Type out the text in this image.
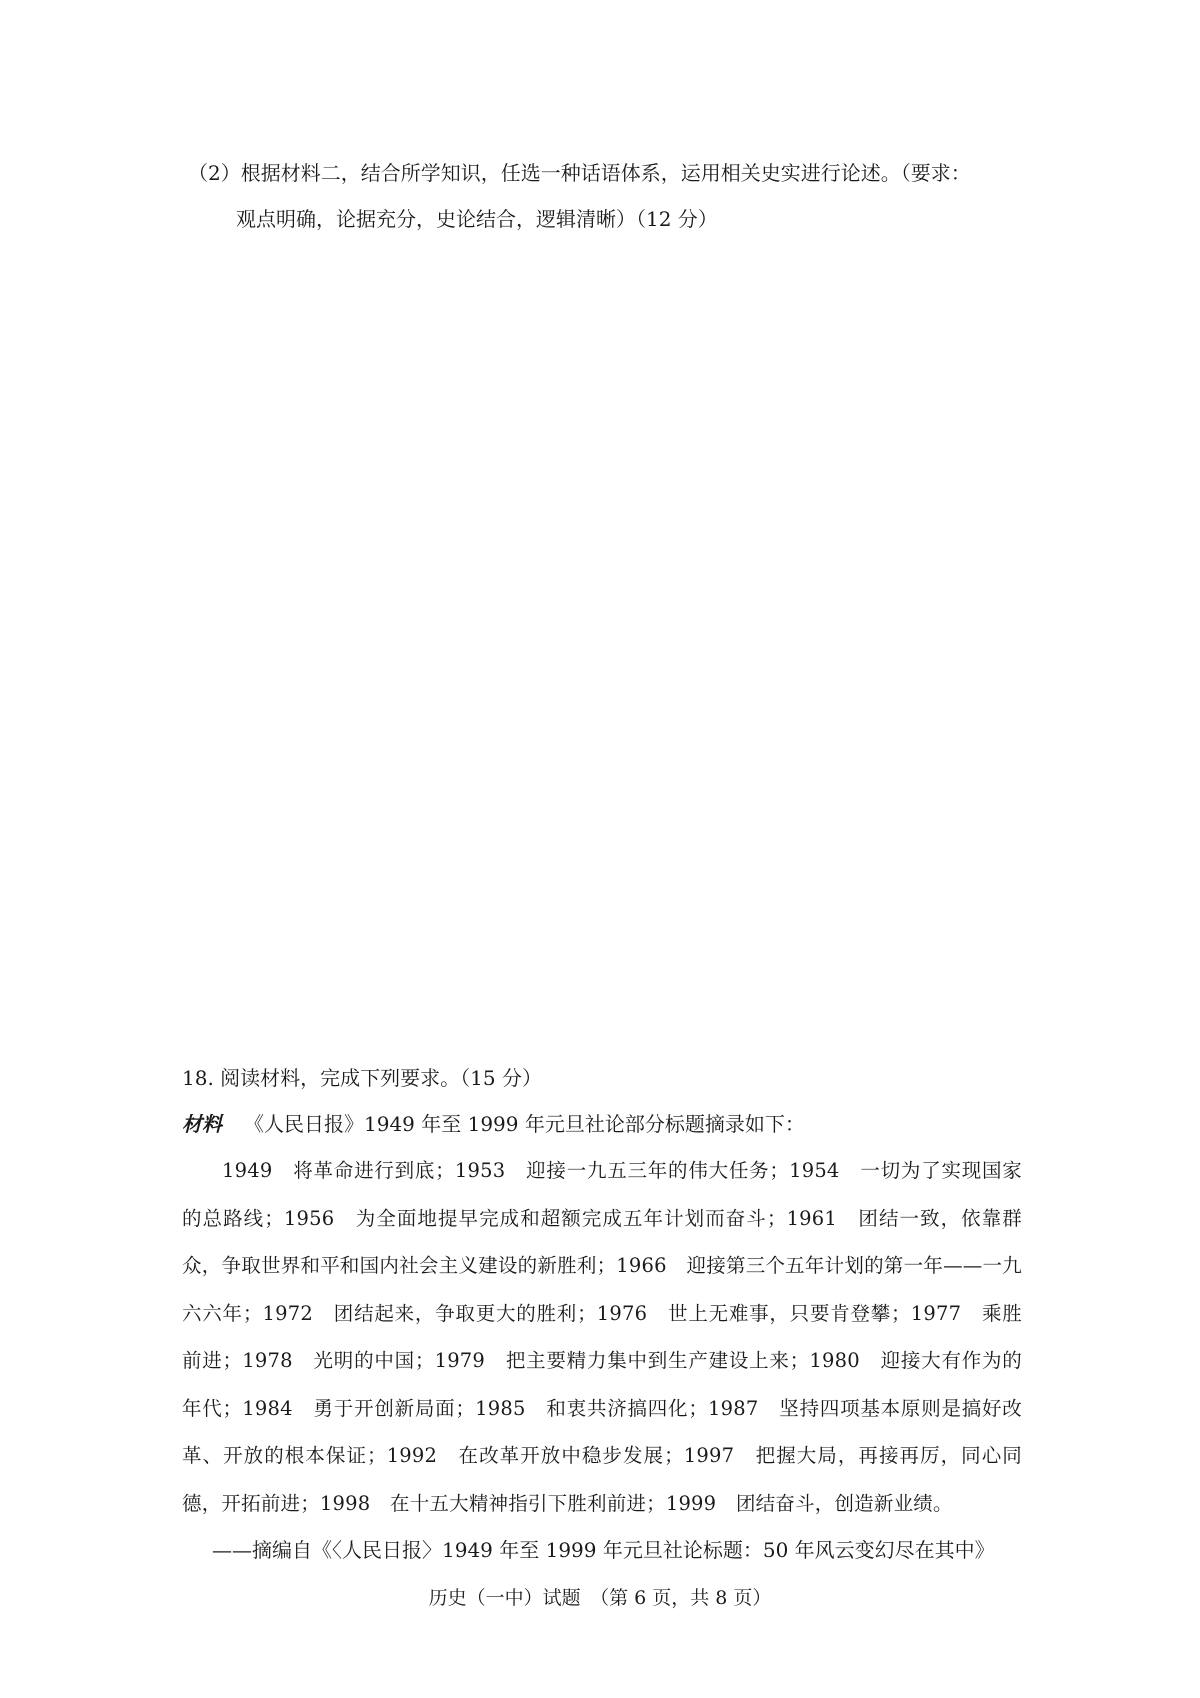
（2）根据材料二，结合所学知识，任选一种话语体系，运用相关史实进行论述。（要求：
观点明确，论据充分，史论结合，逻辑清晰）（12 分）
18. 阅读材料，完成下列要求。（15 分）
材料 《人民日报》1949 年至 1999 年元旦社论部分标题摘录如下：
1949　将革命进行到底；1953　迎接一九五三年的伟大任务；1954　一切为了实现国家的总路线；1956　为全面地提早完成和超额完成五年计划而奋斗；1961　团结一致，依靠群众，争取世界和平和国内社会主义建设的新胜利；1966　迎接第三个五年计划的第一年——一九六六年；1972　团结起来，争取更大的胜利；1976　世上无难事，只要肯登攀；1977　乘胜前进；1978　光明的中国；1979　把主要精力集中到生产建设上来；1980　迎接大有作为的年代；1984　勇于开创新局面；1985　和衷共济搞四化；1987　坚持四项基本原则是搞好改革、开放的根本保证；1992　在改革开放中稳步发展；1997　把握大局，再接再厉，同心同德，开拓前进；1998　在十五大精神指引下胜利前进；1999　团结奋斗，创造新业绩。
——摘编自《〈人民日报〉1949 年至 1999 年元旦社论标题：50 年风云变幻尽在其中》
历史（一中）试题　（第 6 页，共 8 页）
